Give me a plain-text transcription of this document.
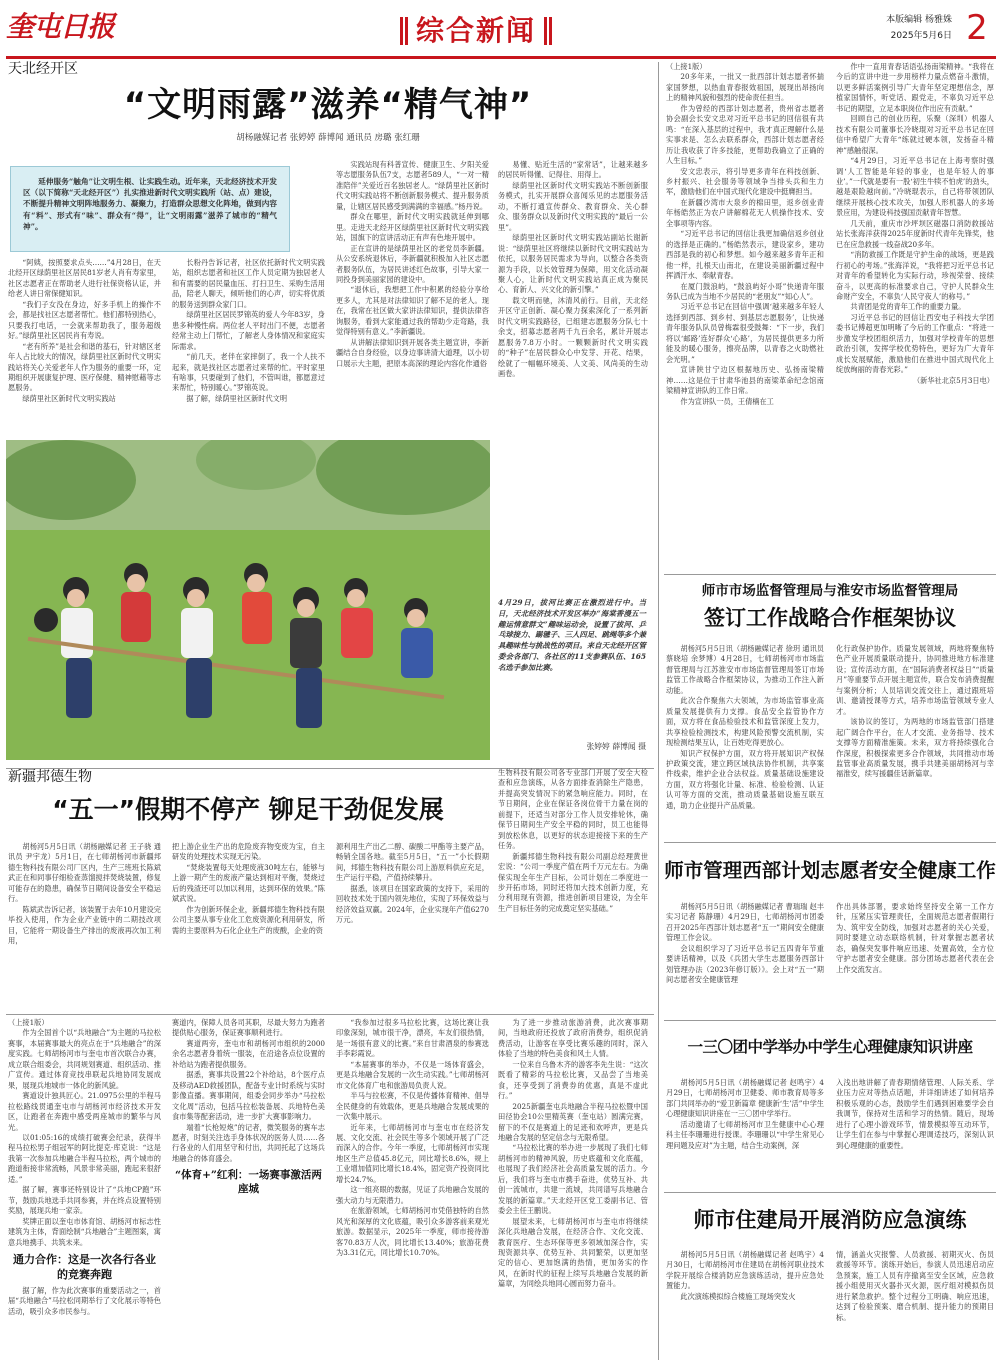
奎屯日报	综合新闻	本版编辑 杨雅姝
2025年5月6日 2
天北经开区
“文明雨露”滋养“精气神”
胡杨融媒记者 张婷婷 薛博闻 通讯员 房璐 张红珊
延伸服务“触角”让文明生根、让实践生动。近年来，天北经济技术开发区（以下简称“天北经开区”）扎实推进新时代文明实践所（站、点）建设，不断提升精神文明阵地服务力、凝聚力，打造群众思想文化阵地，做到内容有“料”、形式有“味”、群众有“得”，让“文明雨露”滋养了城市的“精气神”。

“阿姨，按照要求点头……”4月28日，在天北经开区绿荫里社区居民81岁老人肖有寿家里，社区志愿者正在帮助老人进行社保资格认证，并给老人讲日常保健知识。

“我们子女没在身边，好多手机上的操作不会，都是找社区志愿者帮忙。他们都特别热心，只要我打电话，一会就来帮助我了，服务超级好。”绿荫里社区居民肖有寿说。

“老有所养”是社会和谐的基石，针对辖区老年人占比较大的情况，绿荫里社区新时代文明实践站将关心关爱老年人作为服务的重要一环，定期组织开展康复护理、医疗保健、精神慰藉等志愿服务。

绿荫里社区新时代文明实践站

长粉丹告诉记者，社区依托新时代文明实践站，组织志愿者和社区工作人员定期为独居老人和有需要的居民量血压、打扫卫生、采购生活用品，陪老人聊天，倾听他们的心声，切实将优质的服务送到群众家门口。

绿荫里社区居民罗锦英的爱人今年83岁，身患多种慢性病。两位老人平时出门不便，志愿者经常主动上门帮忙，了解老人身体情况和家庭实际需求。

“前几天，老伴在家摔倒了，我一个人扶不起来，就是找社区志愿者过来帮的忙。平时家里有啥事，只要碰到了他们，不管叫谁，都愿意过来帮忙，特别暖心。”罗锦英说。

据了解，绿荫里社区新时代文明

实践站现有科普宣传、健康卫生、夕阳关爱等志愿服务队伍7支，志愿者589人，“一对一精准陪伴”关爱近百名独居老人。“绿荫里社区新时代文明实践站将不断创新服务模式、提升服务质量，让辖区居民感受到满满的幸福感。”杨丹说。

群众在哪里，新时代文明实践就延伸到哪里。走进天北经开区绿荫里社区新时代文明实践站，国旗下的宣讲活动正有声有色地开展中。

正在宣讲的是绿荫里社区的老党员李新疆。从公安系统退休后，李新疆就积极加入社区志愿者服务队伍，为居民讲述红色故事，引导大家一同投身到美丽家园的建设中。

“退休后，我想把工作中积累的经验分享给更多人，尤其是对法律知识了解不足的老人。现在，我常在社区做大家讲法律知识，提供法律咨询服务，看到大家能通过我的帮助少走弯路，我觉得特别有意义。”李新疆说。

从讲解法律知识到开展各类主题宣讲，李新疆结合自身经验，以身边事讲清大道理，以小切口展示大主题，把原本高深的理论内容化作通俗

易懂、贴近生活的“家常话”，让越来越多的居民听得懂、记得住、用得上。

绿荫里社区新时代文明实践站不断创新服务模式，扎实开展群众喜闻乐见的志愿服务活动，不断打通宣传群众、教育群众、关心群众、服务群众以及新时代文明实践的“最后一公里”。

绿荫里社区新时代文明实践站副站长谢新说：“绿荫里社区将继续以新时代文明实践站为依托，以服务居民需求为导向，以整合各类资源为手段，以长效管理为保障，用文化活动凝聚人心，让新时代文明实践站真正成为聚民心、育新人、兴文化的新引擎。”

载文明而驰，沐清风前行。目前，天北经开区守正创新、凝心聚力探索深化了一系列新时代文明实践路径，已组建志愿服务分队七十余支，招募志愿者两千九百余名，累计开展志愿服务7.8万小时。一颗颗新时代文明实践的“种子”在居民群众心中发芽、开花、结果，绘就了一幅幅环境美、人文美、风尚美的生动画卷。

4月29日，拔河比赛正在激烈进行中。当日，天北经济技术开发区举办“海棠香漫五一趣运情意群文”趣味运动会，设置了拔河、乒乓球接力、踢毽子、三人四足、跳绳等多个兼具趣味性与挑战性的项目。来自天北经开区管委会各部门、各社区的11支参赛队伍、165名选手参加比赛。
张婷婷 薛博闻 摄

（上接1版）

20多年来，一批又一批西部计划志愿者怀揣家国梦想，以热血青春报效祖国，展现出昂扬向上的精神风貌和强烈的使命责任担当。

作为曾经的西部计划志愿者，贵州省志愿者协会副会长安文忠对习近平总书记的回信很有共鸣：“在深入基层的过程中，我才真正理解什么是实事求是、怎么去联系群众，西部计划志愿者经历让我收获了许多技能，更帮助我确立了正确的人生目标。”

安文忠表示，将引导更多青年在科技创新、乡村振兴、社会服务等领域争当排头兵和生力军，激励他们在中国式现代化建设中挺膺担当。

在新疆沙湾市大泉乡的棉田里，返乡创业青年杨皓然正为农户讲解棉花无人机操作技术、安全事项等内容。

“习近平总书记的回信让我更加确信返乡创业的选择是正确的。”杨皓然表示，建设家乡，建功西部是我的初心和梦想。如今越来越多青年正和他一样，扎根天山南北，在建设美丽新疆过程中挥洒汗水、奉献青春。

在厦门鼓浪屿，“鼓浪屿好小哥”快递青年服务队已成为当地不少居民的“老朋友”“知心人”。

习近平总书记在回信中强调‘越来越多年轻人选择到西部、到乡村、到基层志愿服务’，让快递青年服务队队员曾梅霖很受鼓舞：“下一步，我们将以‘邮路’连好群众‘心路’，为居民提供更多力所能及的暖心服务，擦亮品牌，以青春之火助燃社会光明。”

宣讲陕甘宁边区根据地历史、弘扬南梁精神……这是位于甘肃华池县的南梁革命纪念馆南梁精神宣讲队的工作日常。

作为宣讲队一员，王倩楠在工

作中一直用青春话语弘扬南梁精神。“我将在今后的宣讲中进一步用榜样力量点燃奋斗激情，以更多鲜活案例引导广大青年坚定理想信念，厚植家国情怀，听党话、跟党走，不辜负习近平总书记的期望，立足本职岗位作出应有贡献。”

回顾自己的创业历程，乐聚（深圳）机器人技术有限公司董事长冷晓琨对习近平总书记在回信中希望广大青年“练就过硬本领，发扬奋斗精神”感触很深。

“4月29日，习近平总书记在上海考察时强调‘人工智能是年轻的事业，也是年轻人的事业’。”一代就是要有一股‘初生牛犊不怕虎’的劲头，越是艰险越向前。”冷晓琨表示，自己将带领团队继续开展核心技术攻关，加强人形机器人的多场景应用，为建设科技强国贡献青年智慧。

几天前，重庆市沙坪坝区磁器口消防救援站站长张海洋获得2025年度新时代青年先锋奖，他已在应急救援一线奋战20多年。

“消防救援工作既是守护生命的战场，更是践行初心的考场。”张海洋说，“我将把习近平总书记对青年的希望转化为实际行动，珍视荣誉、接续奋斗，以更高的标准要求自己，守护人民群众生命财产安全，不辜负‘人民守夜人’的称号。”

共青团是党的青年工作的重要力量。

习近平总书记的回信让西安电子科技大学团委书记傅超更加明晰了今后的工作重点：“将进一步激发学校团组织活力，加强对学校青年的思想政治引领，发挥学校优势特色，更好为广大青年成长发展赋能，激励他们在推进中国式现代化上绽放绚丽的青春光彩。”

（新华社北京5月3日电）

师市市场监督管理局与淮安市场监督管理局
签订工作战略合作框架协议

胡杨河5月5日讯（胡杨融媒记者 徐玥 通讯员 蔡晓培 余梦博）4月28日，七师胡杨河市市场监督管理局与江苏淮安市市场监督管理局签订市场监管工作战略合作框架协议，为推动工作注入新动能。

此次合作聚焦六大领域，为市场监管事业高质量发展提供有力支撑。食品安全监管协作方面，双方将在食品检验技术和监管深度上发力，共享检验检测技术，构建风险预警交流机制，实现检测结果互认，让百姓吃得更放心。

知识产权保护方面，双方将开展知识产权保护政策交流，建立跨区域执法协作机制，共享案件线索，维护企业合法权益。质量基础设施建设方面，双方将强化计量、标准、检验检测、认证认可等方面的交流，推动质量基础设施互联互通，助力企业提升产品质量。

化行政保护协作。质量发展领域，两地将聚焦特色产业开展质量联动提升，协同推进地方标准建设；宣传活动方面，在“国际消费者权益日”“质量月”等重要节点开展主题宣传，联合发布消费提醒与案例分析；人员培训交流交往上，通过跟班培训、邀请授课等方式，培养市场监管领域专业人才。

该协议的签订，为两地的市场监管部门搭建起广阔合作平台，在人才交流、业务指导、技术支撑等方面精准施策。未来，双方将持续强化合作深度，积极探索更多合作领域，共同推动市场监管事业高质量发展，携手共建美丽胡杨河与幸福淮安，续写援疆佳话新篇章。

新疆邦德生物
“五一”假期不停产 铆足干劲促发展

胡杨河5月5日讯（胡杨融媒记者 王子骁 通讯员 尹宇龙）5月1日，在七师胡杨河市新疆邦德生物科技有限公司厂区内，生产三班班长陈斌武正在和同事仔细检查蒸馏搅拌焚烧装置，修复可能存在的隐患，确保节日期间设备安全平稳运行。

陈斌武告诉记者，该装置于去年10月建设完毕投入使用，作为企业产业链中的二期技改项目，它能将一期设备生产排出的废液再次加工利用，

把上游企业生产出的危险废弃物变废为宝，自主研发的处理技术实现无污染。

“焚烧装置每天处理废液30吨左右，能够与上游一期产生的废液产量达到相对平衡，焚烧过后的残渣还可以加以利用，达到环保的效果。”陈斌武说。

作为创新环保企业，新疆邦德生物科技有限公司主要从事专业化工危废资源化利用研发，所需的主要原料为石化企业生产的废酸，企业的资

源利用生产出乙二醇、碳酸二甲酯等主要产品，畅销全国各地。截至5月5日，“五一”小长假期间，邦德生物科技有限公司上游原料供应充足，生产运行平稳，产值持续攀升。

据悉，该项目在国家政策的支持下，采用的回收技术处于国内领先地位，实现了环保效益与经济效益双赢。2024年，企业实现年产值6270万元。

生物科技有限公司各专业部门开展了安全大检查和应急演练，从各方面排查消除生产隐患，并提高突发情况下的紧急响应能力。同时，在节日期间，企业在保证各岗位骨干力量在岗的前提下，还适当对部分工作人员安排轮休，确保节日期间生产安全平稳的同时，员工也能得到放松休息，以更好的状态迎接接下来的生产任务。

新疆邦德生物科技有限公司副总经理黄世宏说：“公司一季度产值在两千万元左右。为确保实现全年生产目标，公司计划在二季度进一步开拓市场，同时还将加大技术创新力度，充分利用现有资源，推进创新项目建设，为全年生产目标任务的完成奠定坚实基础。”

（上接1版）

作为全国首个以“兵地融合”为主题的马拉松赛事，本届赛事最大的亮点在于“兵地融合”的深度实践。七师胡杨河市与奎屯市首次联合办赛，成立联合组委会，共同规划赛道、组织活动、推广宣传。通过体育竞技串联起兵地协同发展成果，展现兵地城市一体化的新风貌。

赛道设计独具匠心。21.0975公里的半程马拉松路线贯通奎屯市与胡杨河市经济技术开发区，让跑者在奔跑中感受两座城市的繁华与风光。

以01:05:16的成绩打破赛会纪录，获得半程马拉松男子组冠军的阿比提克·库克说：“这是我第一次参加兵地融合半程马拉松，两个城市的跑道衔接非常流畅，风景非常美丽，跑起来很舒适。”

据了解，赛事还特别设计了“兵地CP跑”环节，鼓励兵地选手共同参赛，并在终点设置特别奖励，展现兵地一家亲。

奖牌正面以奎屯市体育馆、胡杨河市标志性建筑为主体，背面绘制“兵地融合”主题图案，寓意兵地携手、共筑未来。

通力合作：这是一次各行各业的竞赛奔跑

据了解，作为此次赛事的重要活动之一，首届“兵地融合”马拉松同期举行了文化展示等特色活动，吸引众多市民参与。

赛道内，保障人员各司其职，尽最大努力为跑者提供贴心服务，保证赛事顺利进行。

赛道两旁，奎屯市和胡杨河市组织的2000余名志愿者身着统一服装，在沿途各点位设置的补给站为跑者提供服务。

据悉，赛事共设置22个补给站，8个医疗点及移动AED救援团队，配备专业计时系统与实时影像直播。赛事期间，组委会同步举办“马拉松文化周”活动，包括马拉松装备展、兵地特色美食市集等配套活动，进一步扩大赛事影响力。

端着“长枪短炮”的记者，微笑服务的赛车志愿者，时刻关注选手身体状况的医务人员……各行各业的人们用坚守和付出，共同托起了这场兵地融合的体育盛会。

“体育+”红利：一场赛事激活两座城

“我参加过很多马拉松比赛，这场比赛让我印象深刻，城市很干净，漂亮，车友们很热情，是一场很有意义的比赛。”来自甘肃酒泉的参赛选手李彩霞说。

“本届赛事的举办，不仅是一场体育盛会，更是兵地融合发展的一次生动实践。”七师胡杨河市文化体育广电和旅游局负责人说。

半马与拉松赛，不仅是传播体育精神、倡导全民健身的有效载体，更是兵地融合发展成果的一次集中展示。

近年来，七师胡杨河市与奎屯市在经济发展、文化交流、社会民生等多个领域开展了广泛而深入的合作。今年一季度，七师胡杨河市实现地区生产总值45.8亿元，同比增长8.6%，规上工业增加值同比增长18.4%，固定资产投资同比增长24.7%。

这一组亮眼的数据，见证了兵地融合发展的强大动力与无限潜力。

在旅游领域，七师胡杨河市凭借独特的自然风光和深厚的文化底蕴，吸引众多游客前来观光旅游。数据显示，2025年一季度，师市接待游客70.83万人次，同比增长13.40%；旅游花费为3.31亿元，同比增长10.70%。

为了进一步推动旅游消费，此次赛事期间，当地政府还投放了政府消费券，组织促消费活动，让游客在享受比赛乐趣的同时，深入体验了当地的特色美食和风土人情。

一位来自乌鲁木齐的游客李先生说：“这次既看了精彩的马拉松比赛，又品尝了当地美食，还享受到了消费券的优惠，真是不虚此行。”

2025新疆奎屯兵地融合半程马拉松暨中国田径协会10公里精英赛（奎屯站）圆满完赛，留下的不仅是赛道上的足迹和欢呼声，更是兵地融合发展的坚定信念与无限希望。

“马拉松比赛的举办进一步展现了我们七师胡杨河市的精神风貌，历史底蕴和文化底蕴，也展现了我们经济社会高质量发展的活力。今后，我们将与奎屯市携手奋进，优势互补、共创一流城市，共建一流城，共同谱写兵地融合发展的新篇章。”天北经开区党工委副书记、管委会主任王鹏说。

展望未来，七师胡杨河市与奎屯市将继续深化兵地融合发展，在经济合作、文化交流、教育医疗、生态环保等更多领域加深合作，实现资源共享、优势互补、共同繁荣，以更加坚定的信心、更加饱满的热情，更加务实的作风，在新时代的征程上续写兵地融合发展的新篇章，为同绘兵地同心圆而努力奋斗。

师市管理西部计划志愿者安全健康工作

胡杨河5月5日讯（胡杨融媒记者 曹瑞瑞 赵丰 实习记者 陈静珊）4月29日，七师胡杨河市团委召开2025年西部计划志愿者“五一”期间安全健康管理工作会议。

会议组织学习了习近平总书记五四青年节重要讲话精神，以及《兵团大学生志愿服务西部计划管理办法（2023年修订版）》。会上对“五一”期间志愿者安全健康管理

作出具体部署，要求始终坚持安全第一工作方针，压紧压实管理责任，全面规范志愿者假期行为、筑牢安全防线，加强对志愿者的关心关爱，同时要建立动态联络机制，针对掌握志愿者状态，确保突发事件响应迅速、处置高效，全方位守护志愿者安全健康。部分团场志愿者代表在会上作交流发言。

一三〇团中学举办中学生心理健康知识讲座

胡杨河5月5日讯（胡杨融媒记者 赵鸣宇）4月29日，七师胡杨河市卫健委、师市教育局等多部门共同举办的“爱卫新篇章 健康新‘生’活”中学生心理健康知识讲座在一三〇团中学举行。

活动邀请了七师胡杨河市卫生健康中心心理科主任李珊珊进行授课。李珊珊以“中学生常见心理问题及应对”为主题，结合生动案例，深

入浅出地讲解了青春期情绪管理、人际关系、学业压力应对等热点话题，并详细讲述了如何培养积极乐观的心态，鼓励学生们遇到困难要学会自我调节，保持对生活和学习的热情。随后，现场进行了心理小游戏环节，情景模拟等互动环节，让学生们在参与中掌握心理调适技巧，深刻认识到心理健康的重要性。

师市住建局开展消防应急演练

胡杨河5月5日讯（胡杨融媒记者 赵鸣宇）4月30日，七师胡杨河市住建局在胡杨河职业技术学院开展综合楼消防应急演练活动，提升应急处置能力。

此次演练模拟综合楼施工现场突发火

情，涵盖火灾报警、人员救援、初期灭火、伤员救援等环节。演练开始后，参演人员迅速启动应急预案，施工人员有序撤离至安全区域，应急救援小组使用灭火器扑灭火源，医疗组对模拟伤员进行紧急救护。整个过程分工明确、响应迅速，达到了检验预案、磨合机制、提升能力的预期目标。
